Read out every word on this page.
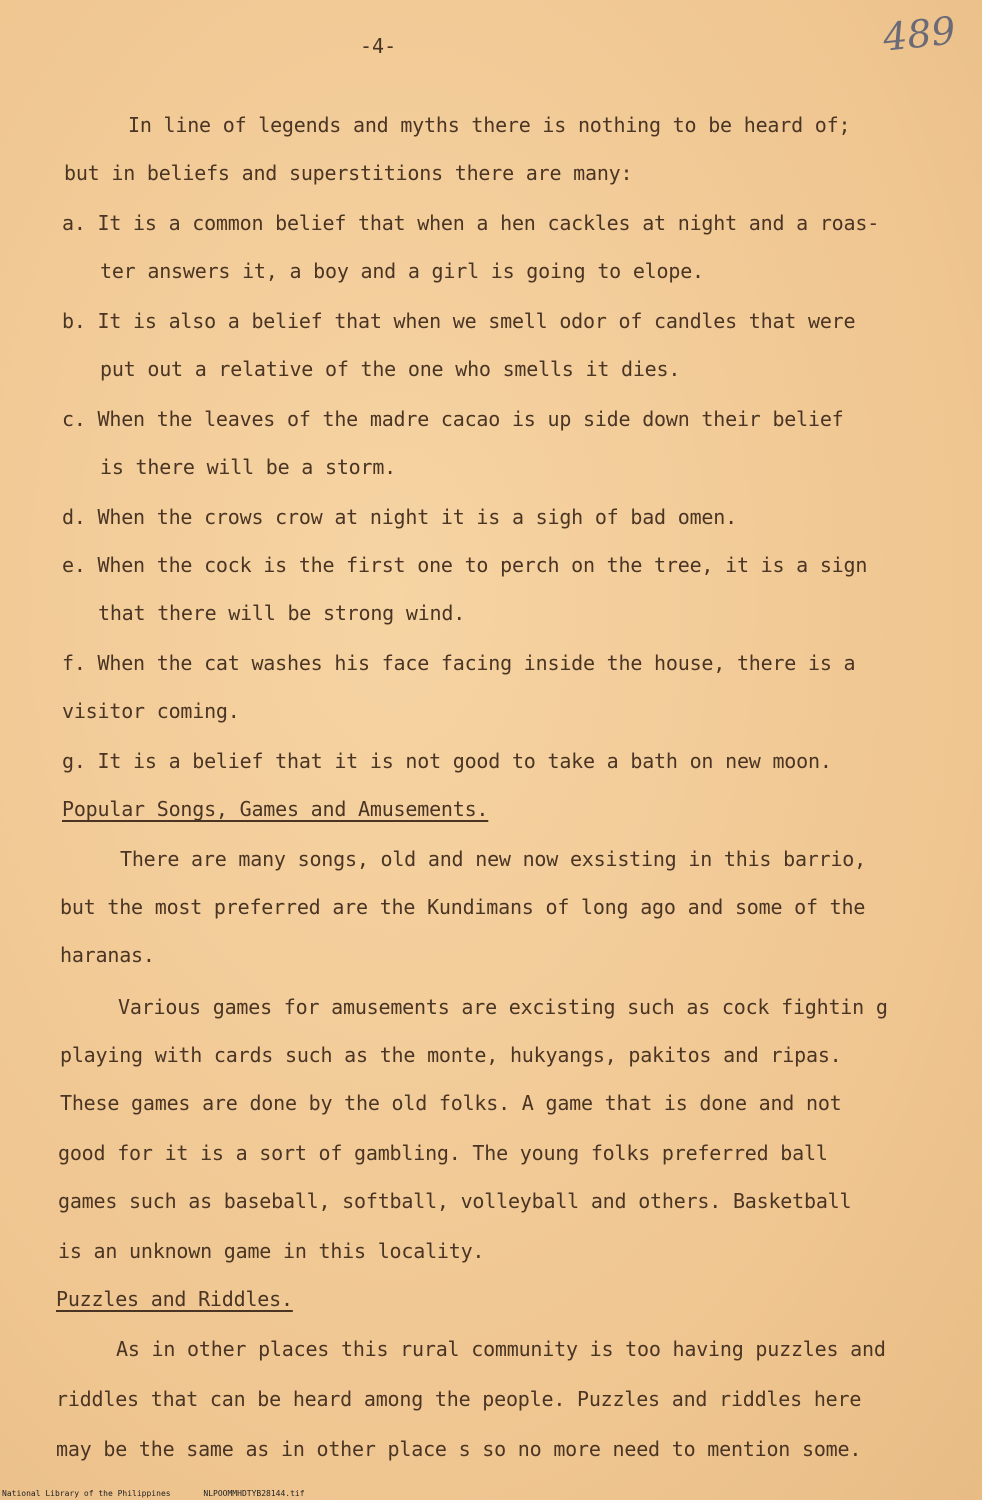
-4-	489
In line of legends and myths there is nothing to be heard of;
but in beliefs and superstitions there are many:
a. It is a common belief that when a hen cackles at night and a roas-
ter answers it, a boy and a girl is going to elope.
b. It is also a belief that when we smell odor of candles that were
put out a relative of the one who smells it dies.
c. When the leaves of the madre cacao is up side down their belief
is there will be a storm.
d. When the crows crow at night it is a sigh of bad omen.
e. When the cock is the first one to perch on the tree, it is a sign
that there will be strong wind.
f. When the cat washes his face facing inside the house, there is a
visitor coming.
g. It is a belief that it is not good to take a bath on new moon.
Popular Songs, Games and Amusements.
There are many songs, old and new now exsisting in this barrio,
but the most preferred are the Kundimans of long ago and some of the
haranas.
Various games for amusements are excisting such as cock fightin g
playing with cards such as the monte, hukyangs, pakitos and ripas.
These games are done by the old folks. A game that is done and not
good for it is a sort of gambling. The young folks preferred ball
games such as baseball, softball, volleyball and others. Basketball
is an unknown game in this locality.
Puzzles and Riddles.
As in other places this rural community is too having puzzles and
riddles that can be heard among the people. Puzzles and riddles here
may be the same as in other place s so no more need to mention some.
National Library of the Philippines	NLPOOMMHDTYB28144.tif
